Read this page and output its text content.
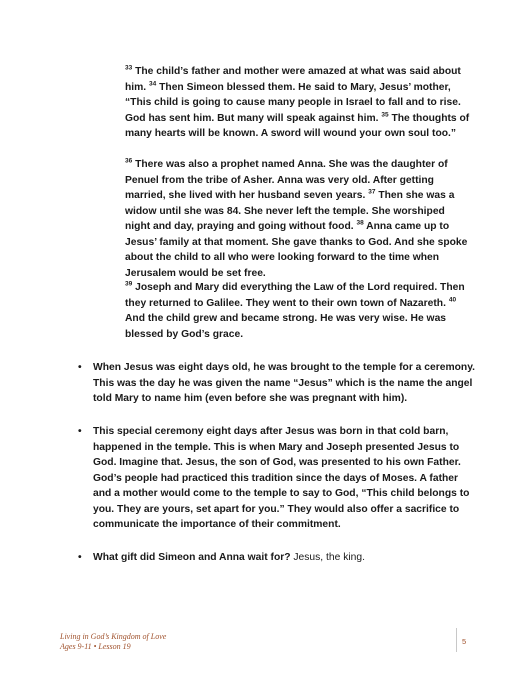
$^{33}$ The child’s father and mother were amazed at what was said about him. $^{34}$ Then Simeon blessed them. He said to Mary, Jesus’ mother, “This child is going to cause many people in Israel to fall and to rise. God has sent him. But many will speak against him. $^{35}$ The thoughts of many hearts will be known. A sword will wound your own soul too.”

$^{36}$ There was also a prophet named Anna. She was the daughter of Penuel from the tribe of Asher. Anna was very old. After getting married, she lived with her husband seven years. $^{37}$ Then she was a widow until she was 84. She never left the temple. She worshiped night and day, praying and going without food. $^{38}$ Anna came up to Jesus’ family at that moment. She gave thanks to God. And she spoke about the child to all who were looking forward to the time when Jerusalem would be set free.

$^{39}$ Joseph and Mary did everything the Law of the Lord required. Then they returned to Galilee. They went to their own town of Nazareth. $^{40}$ And the child grew and became strong. He was very wise. He was blessed by God’s grace.

• When Jesus was eight days old, he was brought to the temple for a ceremony. This was the day he was given the name “Jesus” which is the name the angel told Mary to name him (even before she was pregnant with him).
• This special ceremony eight days after Jesus was born in that cold barn, happened in the temple. This is when Mary and Joseph presented Jesus to God. Imagine that. Jesus, the son of God, was presented to his own Father. God’s people had practiced this tradition since the days of Moses. A father and a mother would come to the temple to say to God, “This child belongs to you. They are yours, set apart for you.” They would also offer a sacrifice to communicate the importance of their commitment.
• What gift did Simeon and Anna wait for? Jesus, the king.
Living in God’s Kingdom of Love
Ages 9-11 • Lesson 19
5
